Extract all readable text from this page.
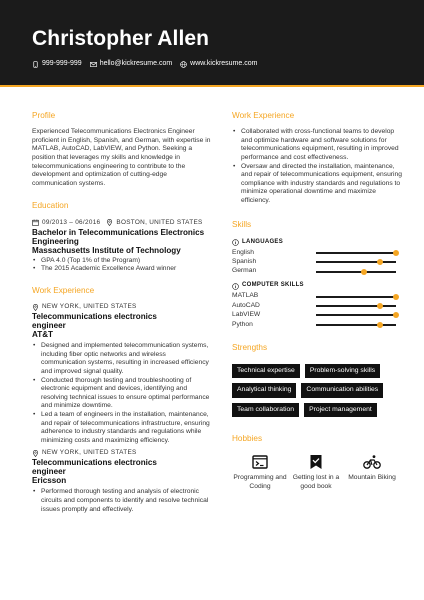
Christopher Allen
999-999-999	hello@kickresume.com	www.kickresume.com
Profile
Experienced Telecommunications Electronics Engineer proficient in English, Spanish, and German, with expertise in MATLAB, AutoCAD, LabVIEW, and Python. Seeking a position that leverages my skills and knowledge in telecommunications engineering to contribute to the development and optimization of cutting-edge communication systems.
Education
09/2013 – 06/2016	BOSTON, UNITED STATES
Bachelor in Telecommunications Electronics Engineering
Massachusetts Institute of Technology
• GPA 4.0 (Top 1% of the Program)
• The 2015 Academic Excellence Award winner
Work Experience
NEW YORK, UNITED STATES
Telecommunications electronics engineer
AT&T
• Designed and implemented telecommunication systems, including fiber optic networks and wireless communication systems, resulting in increased efficiency and improved signal quality.
• Conducted thorough testing and troubleshooting of electronic equipment and devices, identifying and resolving technical issues to ensure optimal performance and minimize downtime.
• Led a team of engineers in the installation, maintenance, and repair of telecommunications infrastructure, ensuring adherence to industry standards and regulations while minimizing costs and maximizing efficiency.
NEW YORK, UNITED STATES
Telecommunications electronics engineer
Ericsson
• Performed thorough testing and analysis of electronic circuits and components to identify and resolve technical issues promptly and effectively.
Work Experience
• Collaborated with cross-functional teams to develop and optimize hardware and software solutions for telecommunications equipment, resulting in improved performance and cost effectiveness.
• Oversaw and directed the installation, maintenance, and repair of telecommunications equipment, ensuring compliance with industry standards and regulations to minimize operational downtime and maximize efficiency.
Skills
LANGUAGES
English
Spanish
German
COMPUTER SKILLS
MATLAB
AutoCAD
LabVIEW
Python
Strengths
Technical expertise	Problem-solving skills
Analytical thinking	Communication abilities
Team collaboration	Project management
Hobbies
Programming and Coding
Getting lost in a good book
Mountain Biking
